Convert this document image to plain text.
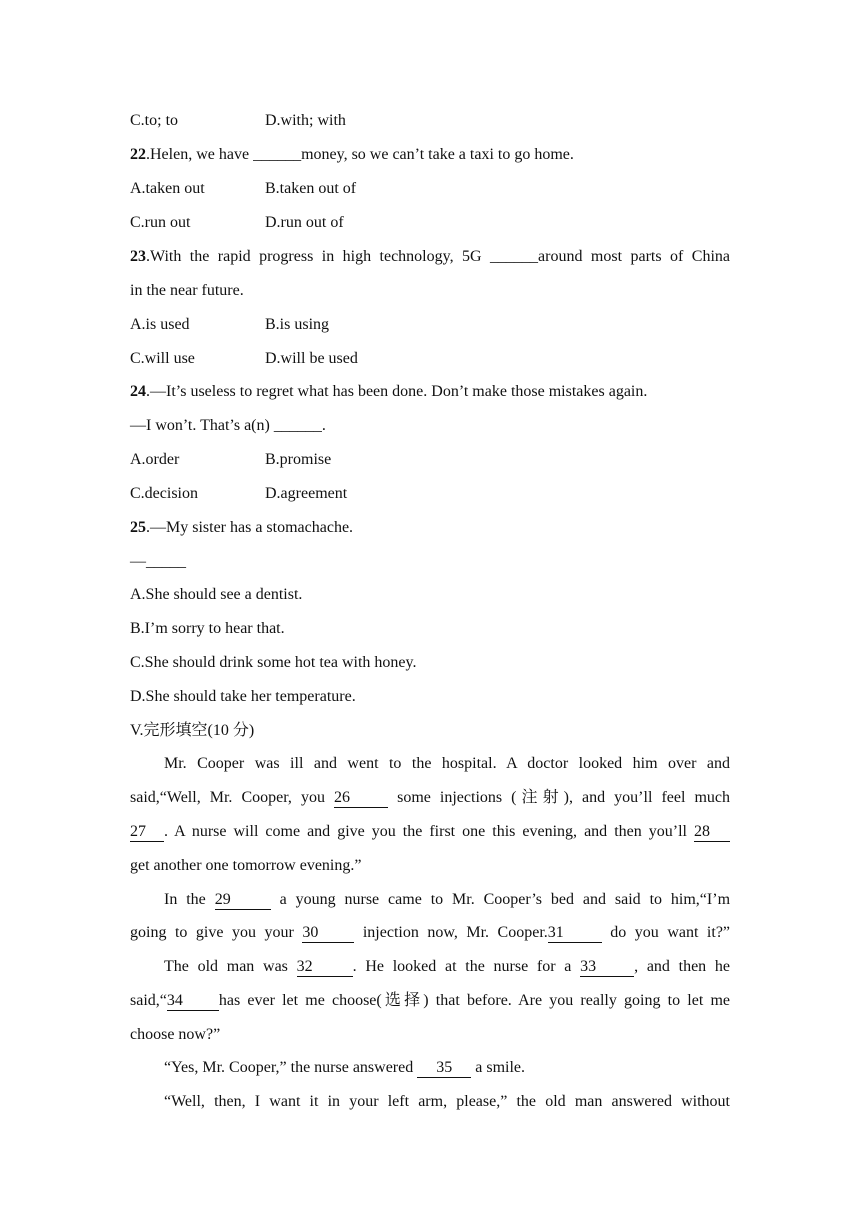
C.to; to	D.with; with
22.Helen, we have ______money, so we can’t take a taxi to go home.
A.taken out	B.taken out of
C.run out	D.run out of
23.With the rapid progress in high technology, 5G ______around most parts of China
in the near future.
A.is used	B.is using
C.will use	D.will be used
24.—It’s useless to regret what has been done. Don’t make those mistakes again.
—I won’t. That’s a(n) ______.
A.order	B.promise
C.decision	D.agreement
25.—My sister has a stomachache.
—_____
A.She should see a dentist.
B.I’m sorry to hear that.
C.She should drink some hot tea with honey.
D.She should take her temperature.
V.完形填空(10 分)
Mr. Cooper was ill and went to the hospital. A doctor looked him over and
said,“Well, Mr. Cooper, you 26	some injections (注射), and you’ll feel much
27 . A nurse will come and give you the first one this evening, and then you’ll 28
get another one tomorrow evening.”
In the 29	a young nurse came to Mr. Cooper’s bed and said to him,“I’m
going to give you your 30	injection now, Mr. Cooper.31	do you want it?”
The old man was 32	. He looked at the nurse for a 33 , and then he
said,“34 has ever let me choose(选择) that before. Are you really going to let me
choose now?”
“Yes, Mr. Cooper,” the nurse answered 35 a smile.
“Well, then, I want it in your left arm, please,” the old man answered without
